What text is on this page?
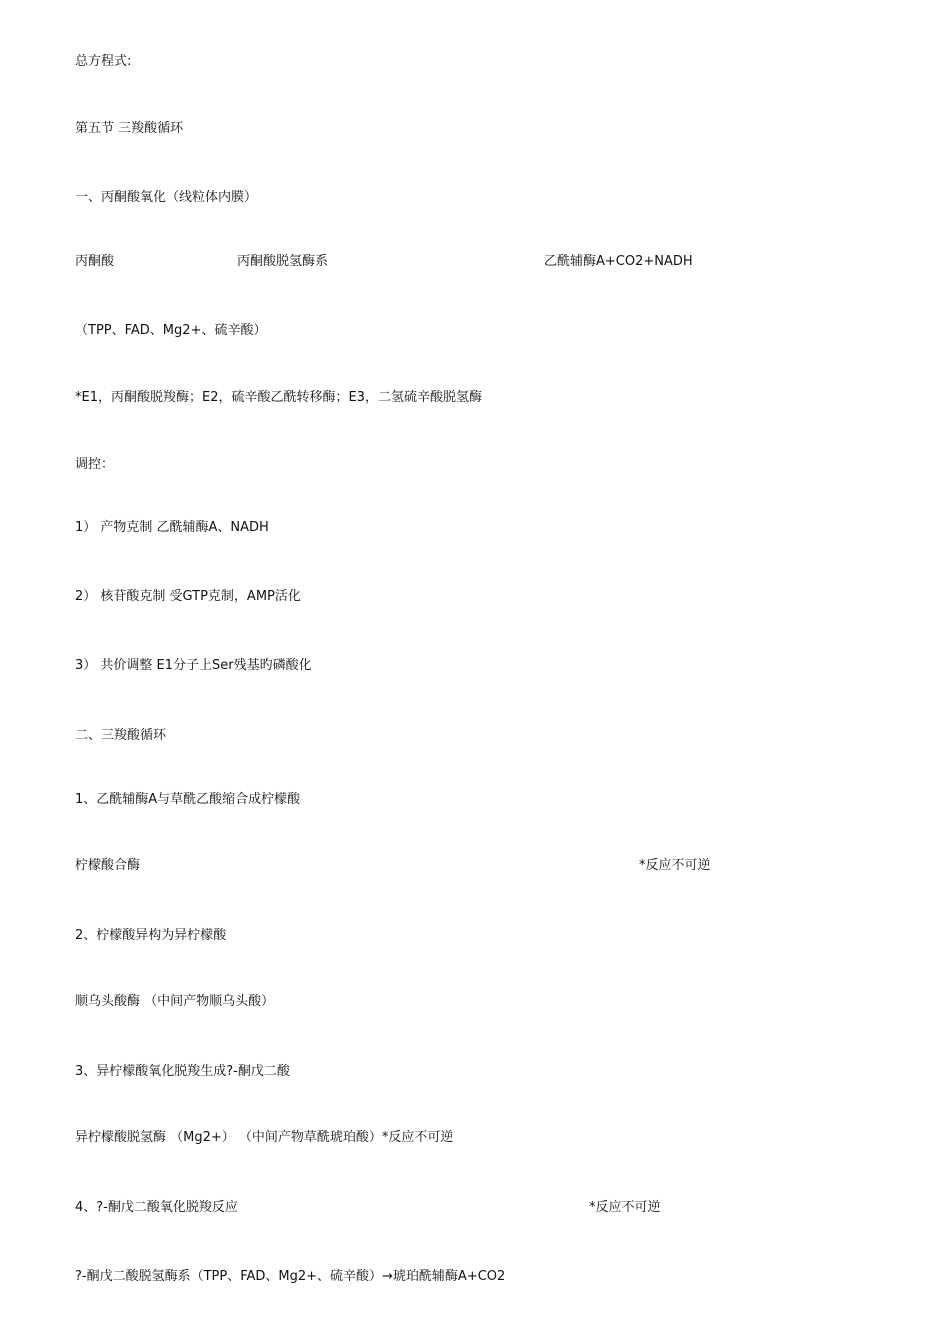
总方程式:
第五节 三羧酸循环
一、丙酮酸氧化（线粒体内膜）
丙酮酸	丙酮酸脱氢酶系	乙酰辅酶A+CO2+NADH
（TPP、FAD、Mg2+、硫辛酸）
*E1，丙酮酸脱羧酶；E2，硫辛酸乙酰转移酶；E3，二氢硫辛酸脱氢酶
调控：
1） 产物克制 乙酰辅酶A、NADH
2） 核苷酸克制 受GTP克制，AMP活化
3） 共价调整 E1分子上Ser残基旳磷酸化
二、三羧酸循环
1、乙酰辅酶A与草酰乙酸缩合成柠檬酸
柠檬酸合酶	*反应不可逆
2、柠檬酸异构为异柠檬酸
顺乌头酸酶 （中间产物顺乌头酸）
3、异柠檬酸氧化脱羧生成?-酮戊二酸
异柠檬酸脱氢酶 （Mg2+） （中间产物草酰琥珀酸）*反应不可逆
4、?-酮戊二酸氧化脱羧反应	*反应不可逆
?-酮戊二酸脱氢酶系（TPP、FAD、Mg2+、硫辛酸）→琥珀酰辅酶A+CO2
